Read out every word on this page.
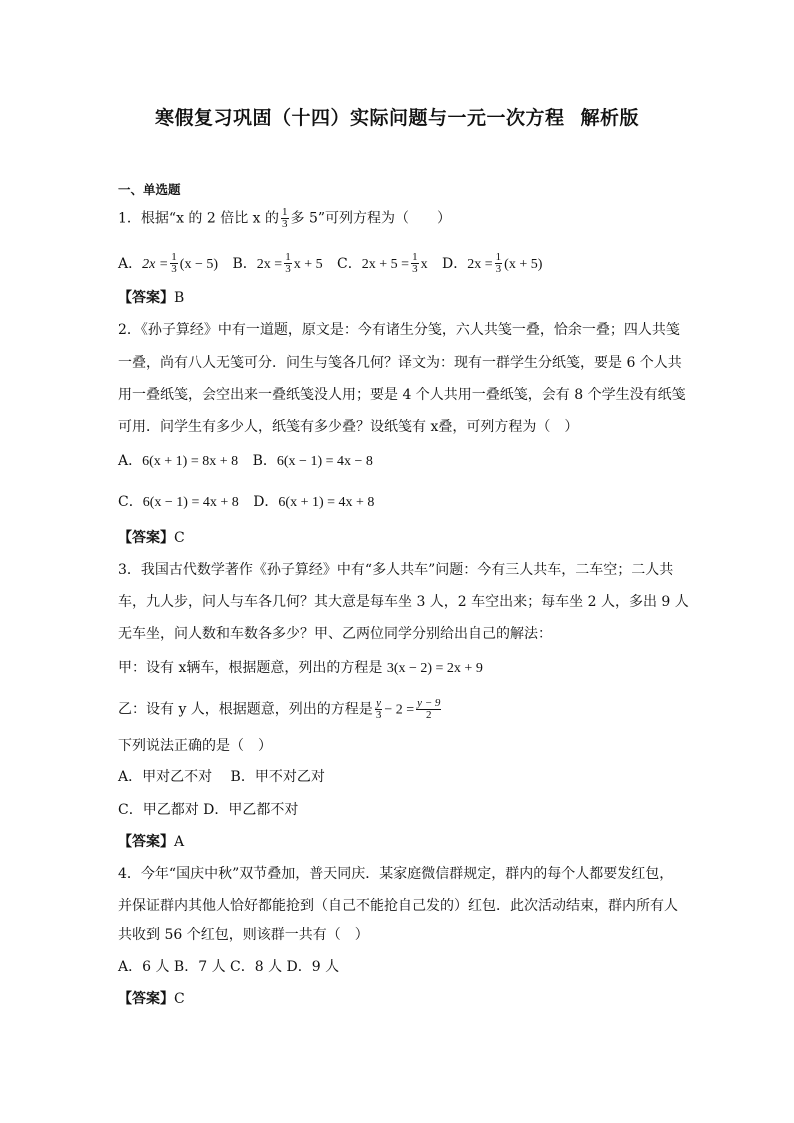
寒假复习巩固（十四）实际问题与一元一次方程 解析版
一、单选题
1．根据“x 的 2 倍比 x 的 $\frac{1}{3}$ 多 5”可列方程为（　　）
A．$2x = \frac{1}{3} (x - 5)$ B．$2x = \frac{1}{3}$ x + 5 C．$2x + 5 = \frac{1}{3}$ x D．$2x = \frac{1}{3} (x + 5)$
【答案】B
2．《孙子算经》中有一道题，原文是：今有诸生分笺，六人共笺一叠，恰余一叠；四人共笺
一叠，尚有八人无笺可分．问生与笺各几何？译文为：现有一群学生分纸笺，要是 6 个人共
用一叠纸笺，会空出来一叠纸笺没人用；要是 4 个人共用一叠纸笺，会有 8 个学生没有纸笺
可用．问学生有多少人，纸笺有多少叠？设纸笺有 x叠，可列方程为（　）
A．6(x + 1) = 8x + 8 B．6(x − 1) = 4x − 8
C．6(x − 1) = 4x + 8 D．6(x + 1) = 4x + 8
【答案】C
3．我国古代数学著作《孙子算经》中有“多人共车”问题：今有三人共车，二车空；二人共
车，九人步，问人与车各几何？其大意是每车坐 3 人，2 车空出来；每车坐 2 人，多出 9 人
无车坐，问人数和车数各多少？甲、乙两位同学分别给出自己的解法：
甲：设有 x辆车，根据题意，列出的方程是 3(x − 2) = 2x + 9
乙：设有 y 人，根据题意，列出的方程是 $\frac{y}{3} - 2 = \frac{y - 9}{2}$
下列说法正确的是（　）
A．甲对乙不对　 B．甲不对乙对
C．甲乙都对 D．甲乙都不对
【答案】A
4．今年“国庆中秋”双节叠加，普天同庆．某家庭微信群规定，群内的每个人都要发红包，
并保证群内其他人恰好都能抢到（自己不能抢自己发的）红包．此次活动结束，群内所有人
共收到 56 个红包，则该群一共有（　）
A．6 人 B．7 人 C．8 人 D．9 人
【答案】C
